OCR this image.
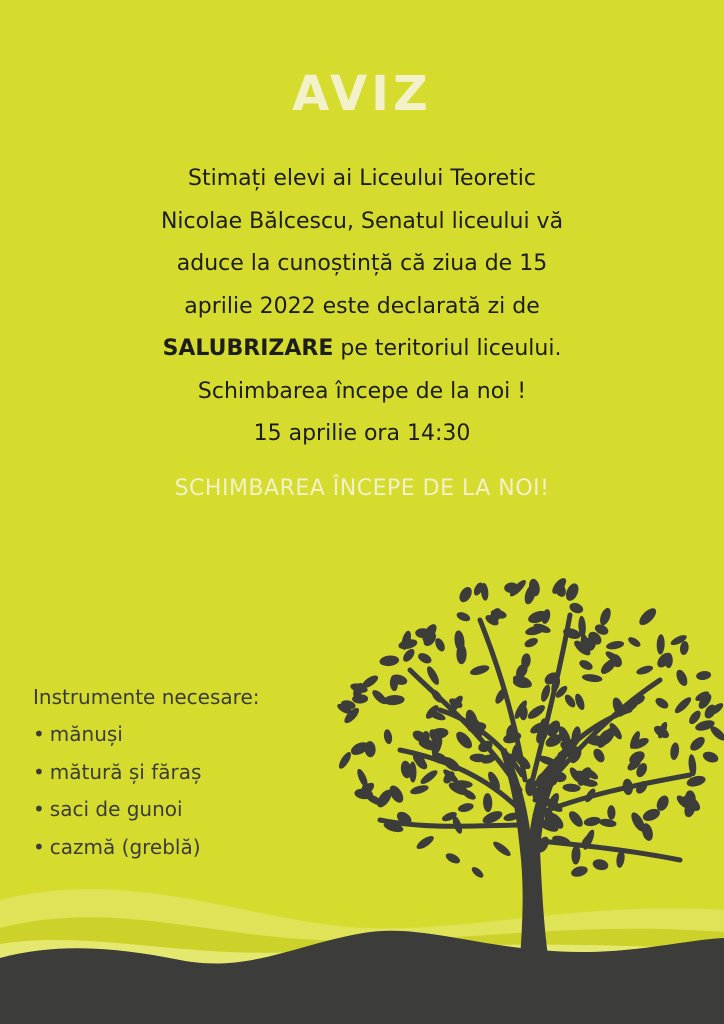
AVIZ

Stimați elevi ai Liceului Teoretic
Nicolae Bălcescu, Senatul liceului vă
aduce la cunoștință că ziua de 15
aprilie 2022 este declarată zi de
SALUBRIZARE pe teritoriul liceului.
Schimbarea începe de la noi !
15 aprilie ora 14:30

SCHIMBAREA ÎNCEPE DE LA NOI!
Instrumente necesare:
• mănuși
• mătură și făraș
• saci de gunoi
• cazmă (greblă)
